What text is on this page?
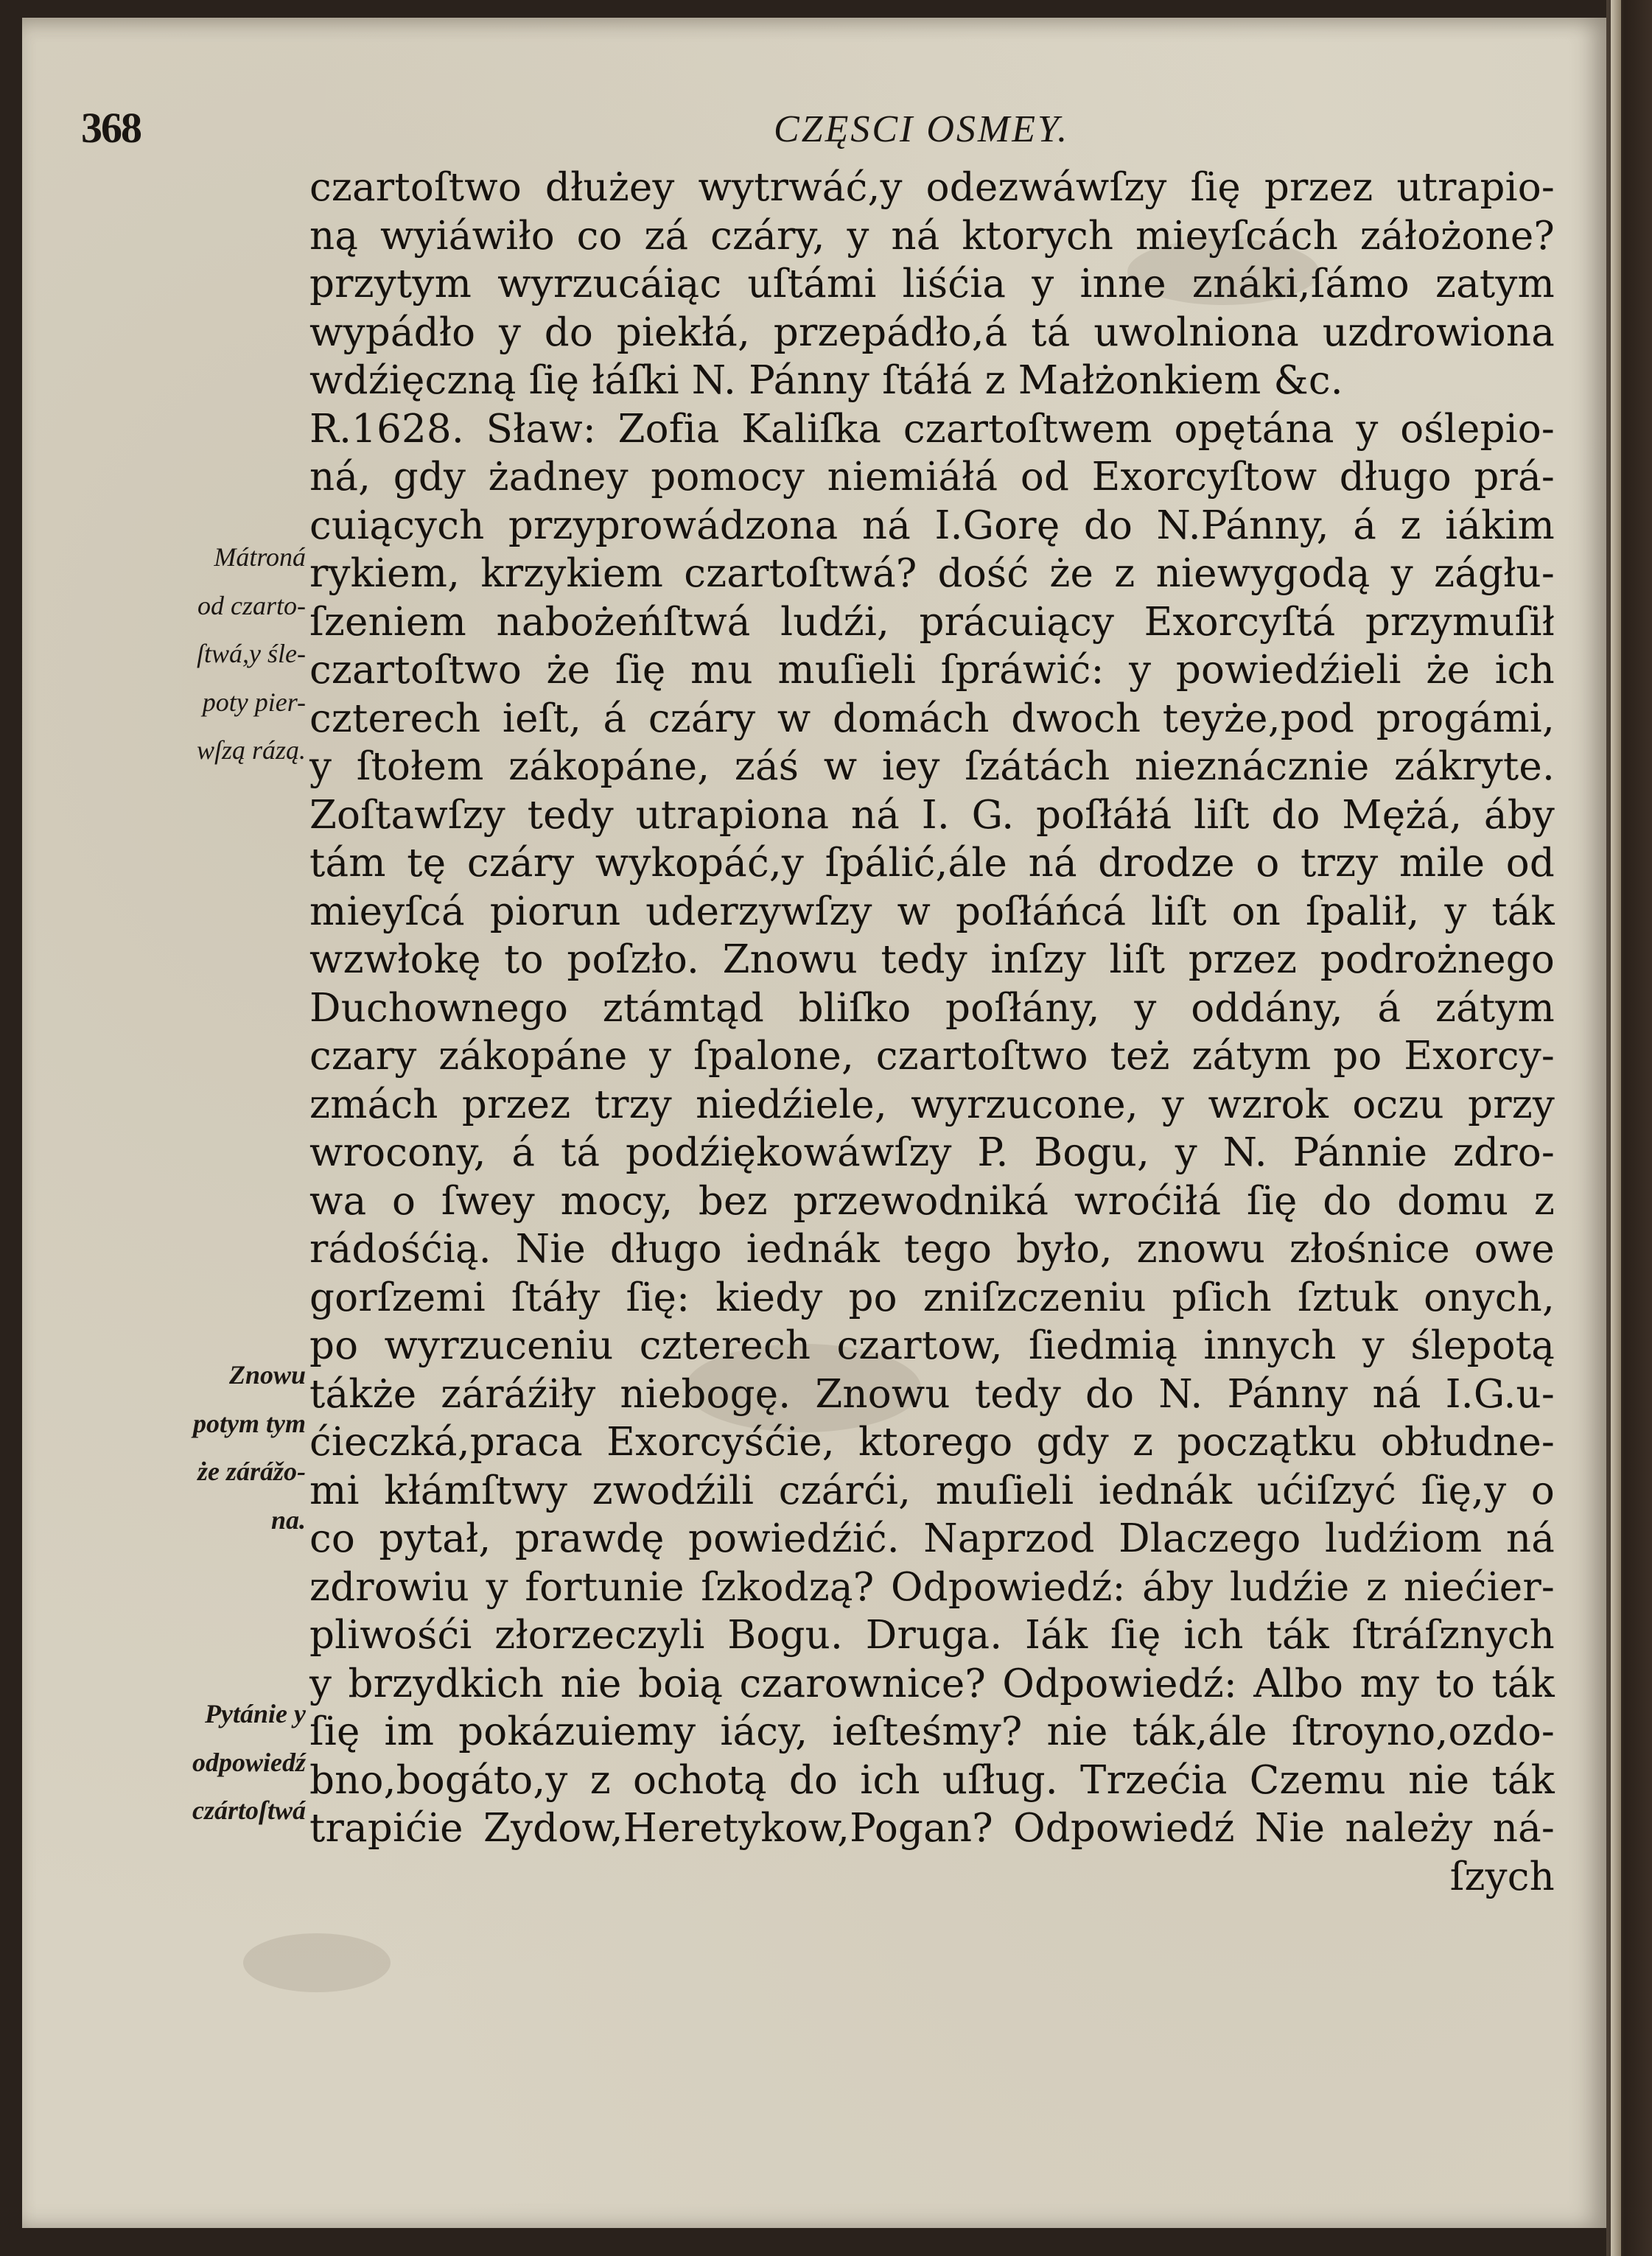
368	CZĘSCI OSMEY.
czartoſtwo dłużey wytrwáć,y odezwáwſzy ſię przez utrapio-
ną wyiáwiło co zá czáry, y ná ktorych mieyſcách záłożone?
przytym wyrzucáiąc uſtámi liśćia y inne znáki,ſámo zatym
wypádło y do piekłá, przepádło,á tá uwolniona uzdrowiona
wdźięczną ſię łáſki N. Pánny ſtáłá z Małżonkiem &c.
R.1628. Sław: Zofia Kaliſka czartoſtwem opętána y oślepio-
ná, gdy żadney pomocy niemiáłá od Exorcyſtow długo prá-
cuiących przyprowádzona ná I.Gorę do N.Pánny, á z iákim
rykiem, krzykiem czartoſtwá? dość że z niewygodą y zágłu-
ſzeniem nabożeńſtwá ludźi, prácuiący Exorcyſtá przymuſił
czartoſtwo że ſię mu muſieli ſpráwić: y powiedźieli że ich
czterech ieſt, á czáry w domách dwoch teyże,pod progámi,
y ſtołem zákopáne, záś w iey ſzátách nieznácznie zákryte.
Zoſtawſzy tedy utrapiona ná I. G. poſłáłá liſt do Mężá, áby
tám tę czáry wykopáć,y ſpálić,ále ná drodze o trzy mile od
mieyſcá piorun uderzywſzy w poſłáńcá liſt on ſpalił, y ták
wzwłokę to poſzło. Znowu tedy inſzy liſt przez podrożnego
Duchownego ztámtąd bliſko poſłány, y oddány, á zátym
czary zákopáne y ſpalone, czartoſtwo też zátym po Exorcy-
zmách przez trzy niedźiele, wyrzucone, y wzrok oczu przy
wrocony, á tá podźiękowáwſzy P. Bogu, y N. Pánnie zdro-
wa o ſwey mocy, bez przewodniká wroćiłá ſię do domu z
rádośćią. Nie długo iednák tego było, znowu złośnice owe
gorſzemi ſtáły ſię: kiedy po zniſzczeniu pſich ſztuk onych,
po wyrzuceniu czterech czartow, ſiedmią innych y ślepotą
tákże záráźiły niebogę. Znowu tedy do N. Pánny ná I.G.u-
ćieczká,praca Exorcyśćie, ktorego gdy z początku obłudne-
mi kłámſtwy zwodźili czárći, muſieli iednák ućiſzyć ſię,y o
co pytał, prawdę powiedźić. Naprzod Dlaczego ludźiom ná
zdrowiu y fortunie ſzkodzą? Odpowiedź: áby ludźie z niećier-
pliwośći złorzeczyli Bogu. Druga. Iák ſię ich ták ſtráſznych
y brzydkich nie boią czarownice? Odpowiedź: Albo my to ták
ſię im pokázuiemy iácy, ieſteśmy? nie ták,ále ſtroyno,ozdo-
bno,bogáto,y z ochotą do ich uſług. Trzećia Czemu nie ták
trapićie Zydow,Heretykow,Pogan? Odpowiedź Nie należy ná-
ſzych
Mátroná
od czarto-
ſtwá,y śle-
poty pier-
wſzą rázą.
Znowu
potym tym
że zárážo-
na.
Pytánie y
odpowiedź
czártoſtwá
